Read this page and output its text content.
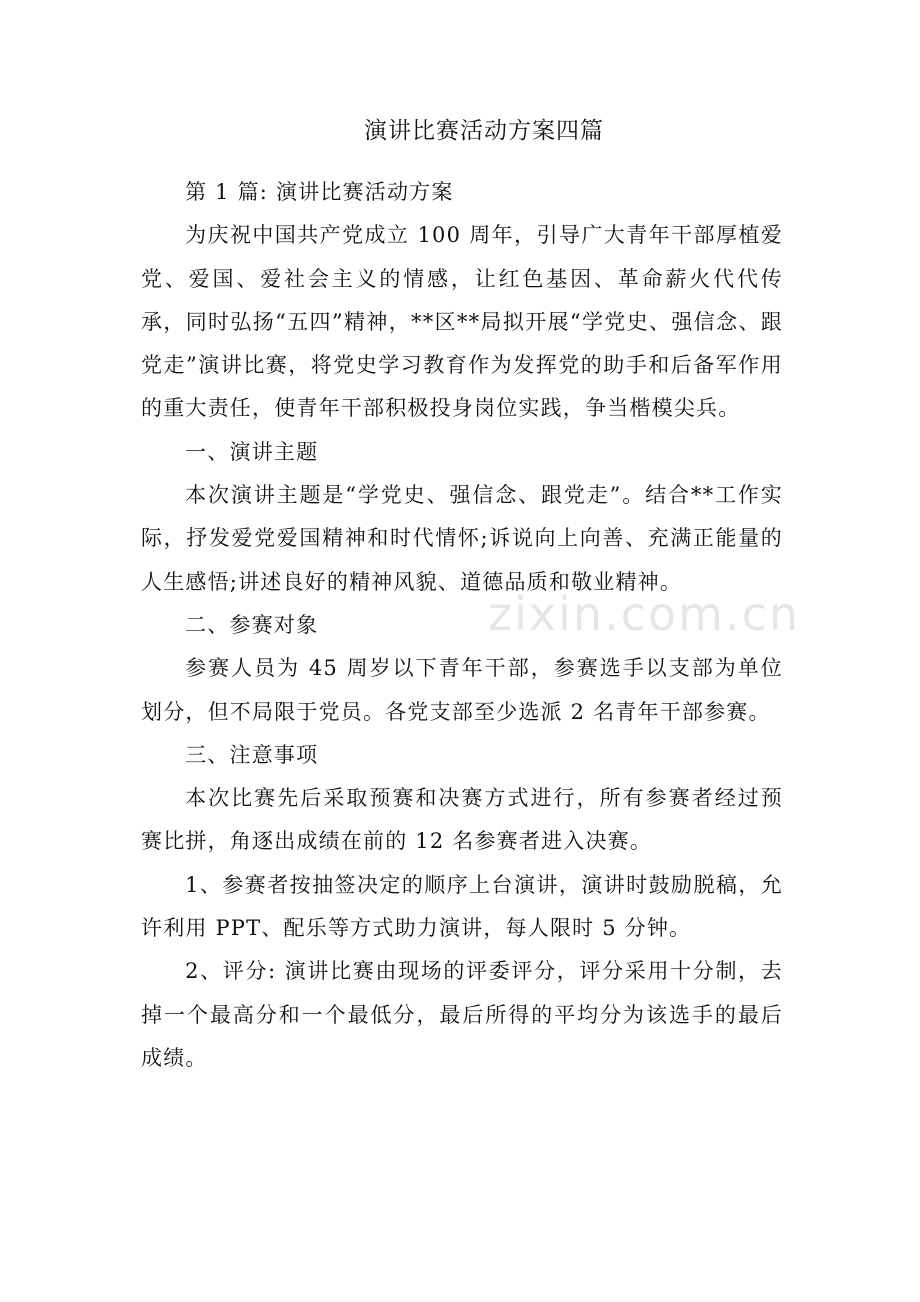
演讲比赛活动方案四篇

第 1 篇: 演讲比赛活动方案

为庆祝中国共产党成立 100 周年，引导广大青年干部厚植爱党、爱国、爱社会主义的情感，让红色基因、革命薪火代代传承，同时弘扬“五四”精神，**区**局拟开展“学党史、强信念、跟党走”演讲比赛，将党史学习教育作为发挥党的助手和后备军作用的重大责任，使青年干部积极投身岗位实践，争当楷模尖兵。

一、演讲主题

本次演讲主题是“学党史、强信念、跟党走”。结合**工作实际，抒发爱党爱国精神和时代情怀;诉说向上向善、充满正能量的人生感悟;讲述良好的精神风貌、道德品质和敬业精神。

二、参赛对象

参赛人员为 45 周岁以下青年干部，参赛选手以支部为单位划分，但不局限于党员。各党支部至少选派 2 名青年干部参赛。

三、注意事项

本次比赛先后采取预赛和决赛方式进行，所有参赛者经过预赛比拼，角逐出成绩在前的 12 名参赛者进入决赛。

1、参赛者按抽签决定的顺序上台演讲，演讲时鼓励脱稿，允许利用 PPT、配乐等方式助力演讲，每人限时 5 分钟。

2、评分: 演讲比赛由现场的评委评分，评分采用十分制，去掉一个最高分和一个最低分，最后所得的平均分为该选手的最后成绩。

zixin.com.cn
